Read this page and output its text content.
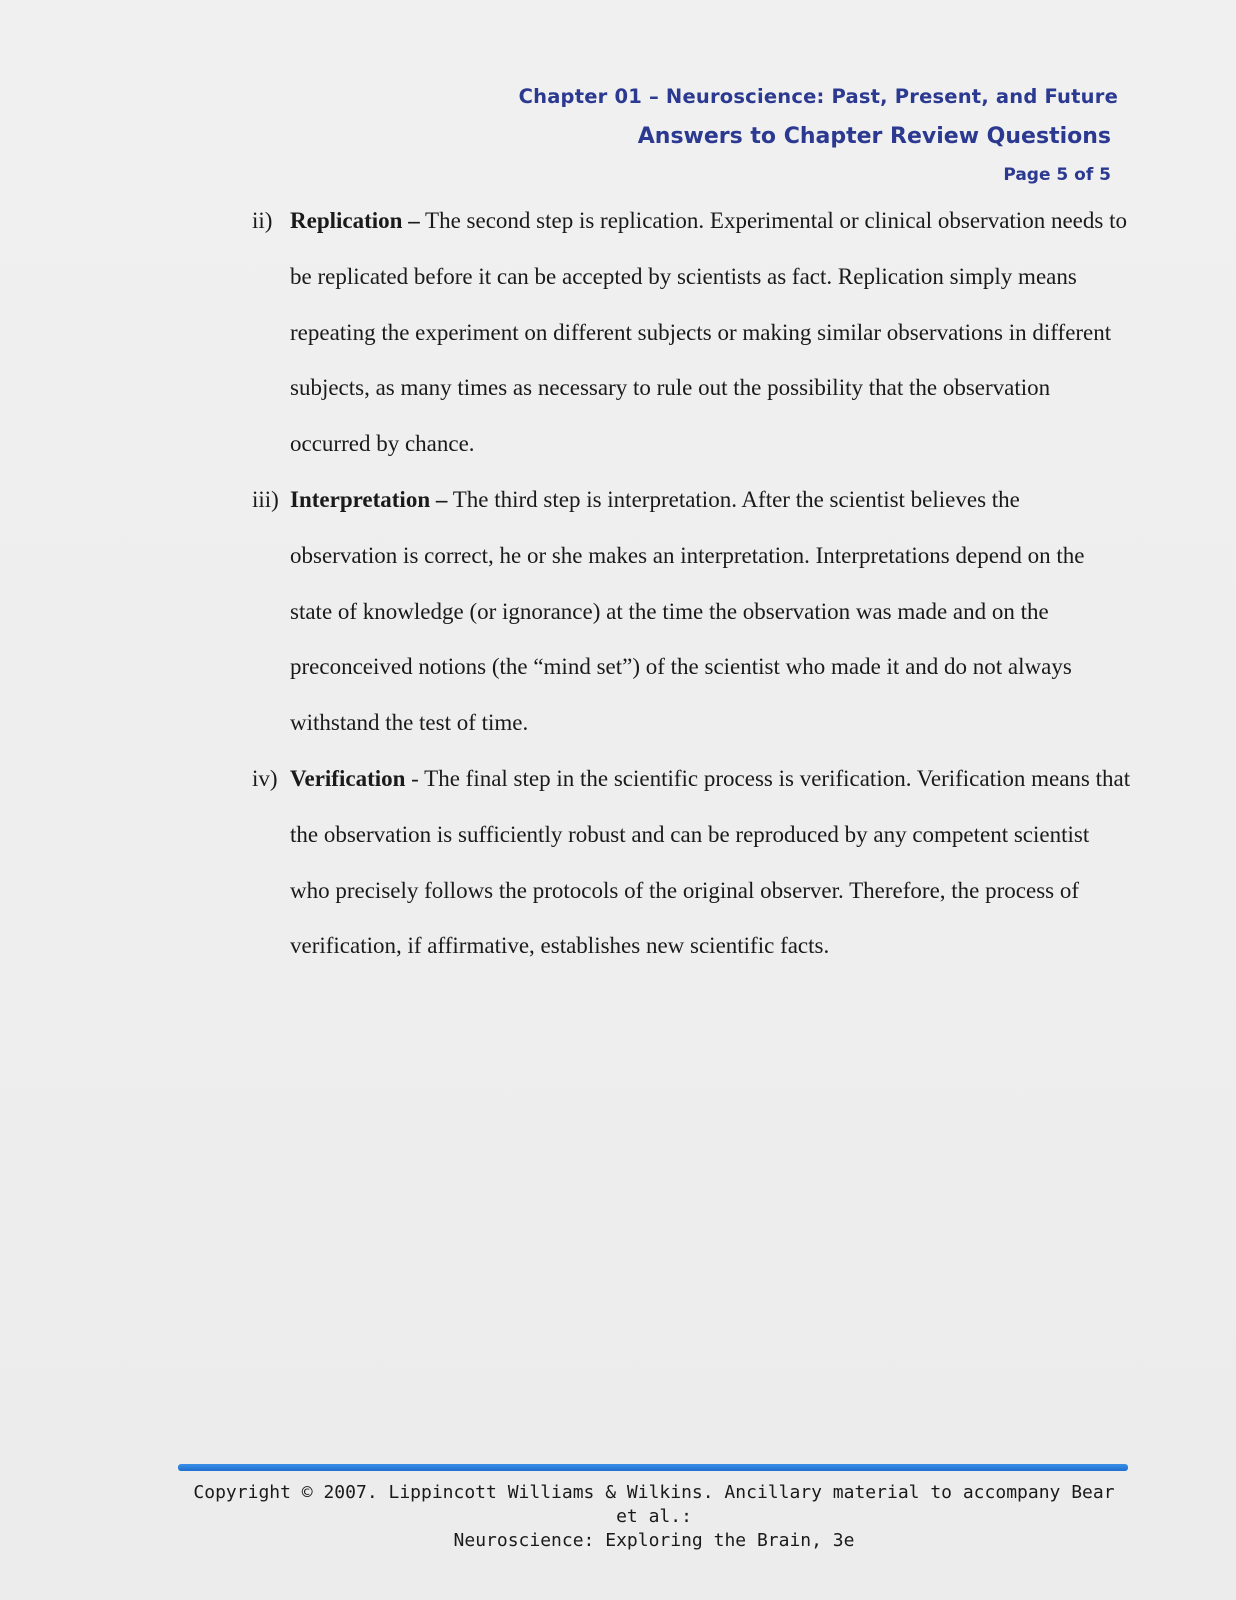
Chapter 01 – Neuroscience: Past, Present, and Future
Answers to Chapter Review Questions
Page 5 of 5
ii) Replication – The second step is replication. Experimental or clinical observation needs to be replicated before it can be accepted by scientists as fact. Replication simply means repeating the experiment on different subjects or making similar observations in different subjects, as many times as necessary to rule out the possibility that the observation occurred by chance.
iii) Interpretation – The third step is interpretation. After the scientist believes the observation is correct, he or she makes an interpretation. Interpretations depend on the state of knowledge (or ignorance) at the time the observation was made and on the preconceived notions (the “mind set”) of the scientist who made it and do not always withstand the test of time.
iv) Verification - The final step in the scientific process is verification. Verification means that the observation is sufficiently robust and can be reproduced by any competent scientist who precisely follows the protocols of the original observer. Therefore, the process of verification, if affirmative, establishes new scientific facts.
Copyright © 2007. Lippincott Williams & Wilkins. Ancillary material to accompany Bear et al.:
Neuroscience: Exploring the Brain, 3e
